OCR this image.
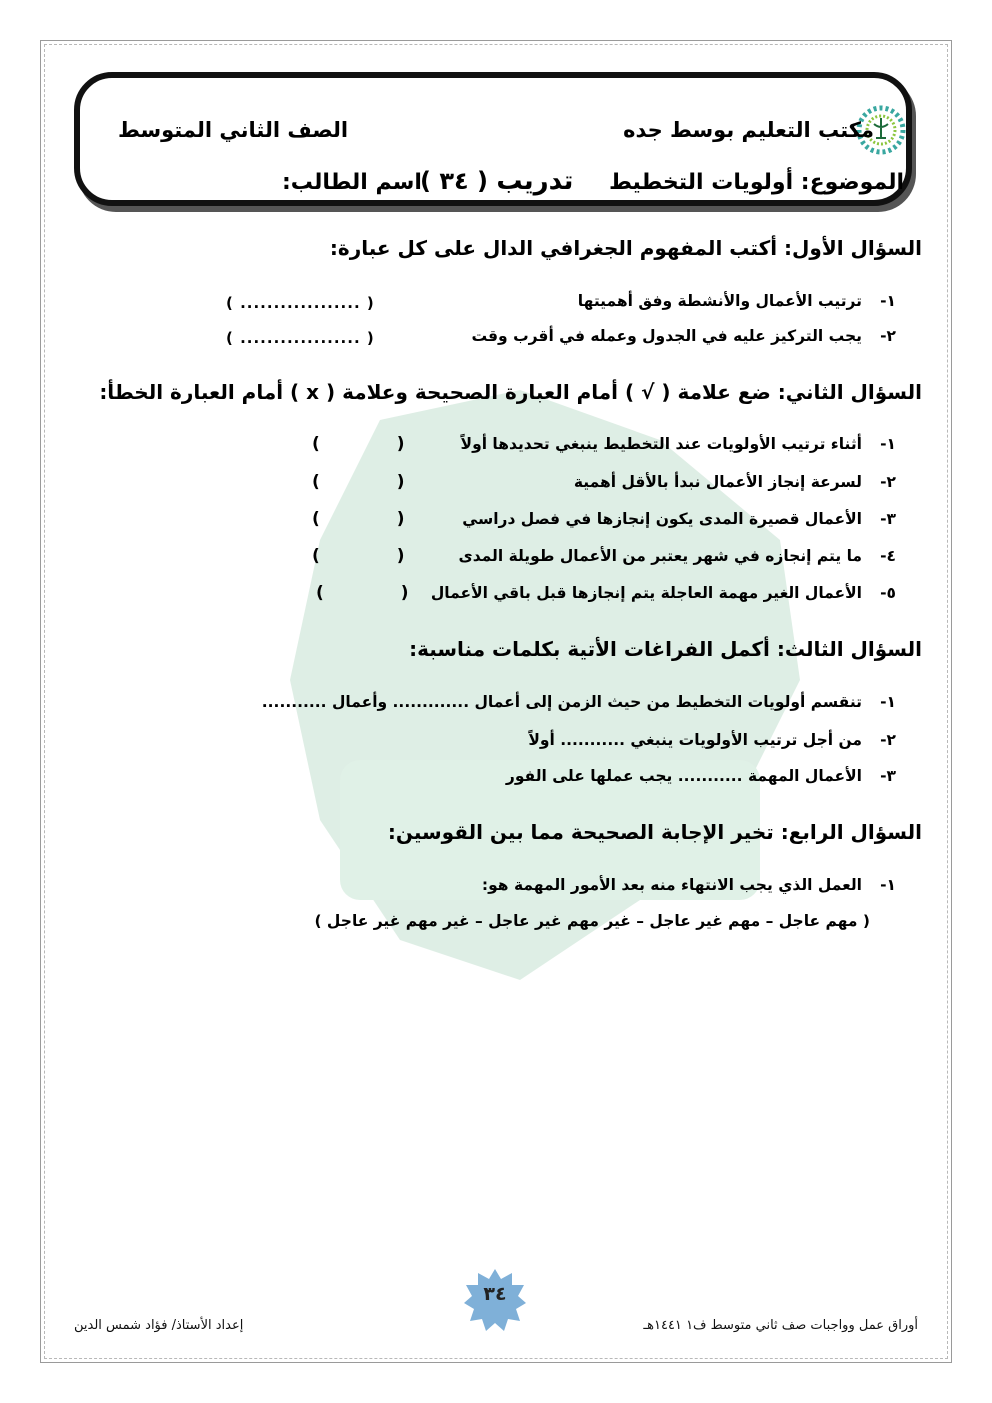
مكتب التعليم بوسط جده
الصف الثاني المتوسط
الموضوع: أولويات التخطيط
تدريب ( ٣٤ )
اسم الطالب:
السؤال الأول: أكتب المفهوم الجغرافي الدال على كل عبارة:
١-ترتيب الأعمال والأنشطة وفق أهميتها
( .................. )
٢-يجب التركيز عليه في الجدول وعمله في أقرب وقت
( .................. )
السؤال الثاني: ضع علامة ( √ ) أمام العبارة الصحيحة وعلامة ( x ) أمام العبارة الخطأ:
١-أثناء ترتيب الأولويات عند التخطيط ينبغي تحديدها أولاً
(             )
٢-لسرعة إنجاز الأعمال نبدأ بالأقل أهمية
(             )
٣-الأعمال قصيرة المدى يكون إنجازها في فصل دراسي
(             )
٤-ما يتم إنجازه في شهر يعتبر من الأعمال طويلة المدى
(             )
٥-الأعمال الغير مهمة العاجلة يتم إنجازها قبل باقي الأعمال
(             )
السؤال الثالث: أكمل الفراغات الأتية بكلمات مناسبة:
١-تنقسم أولويات التخطيط من حيث الزمن إلى أعمال ............. وأعمال ...........
٢-من أجل ترتيب الأولويات ينبغي ........... أولاً
٣-الأعمال المهمة ........... يجب عملها على الفور
السؤال الرابع: تخير الإجابة الصحيحة مما بين القوسين:
١-العمل الذي يجب الانتهاء منه بعد الأمور المهمة هو:
( مهم عاجل – مهم غير عاجل – غير مهم غير عاجل – غير مهم غير عاجل )
٣٤
أوراق عمل وواجبات صف ثاني متوسط ف١ ١٤٤١هـ
إعداد الأستاذ/ فؤاد شمس الدين
